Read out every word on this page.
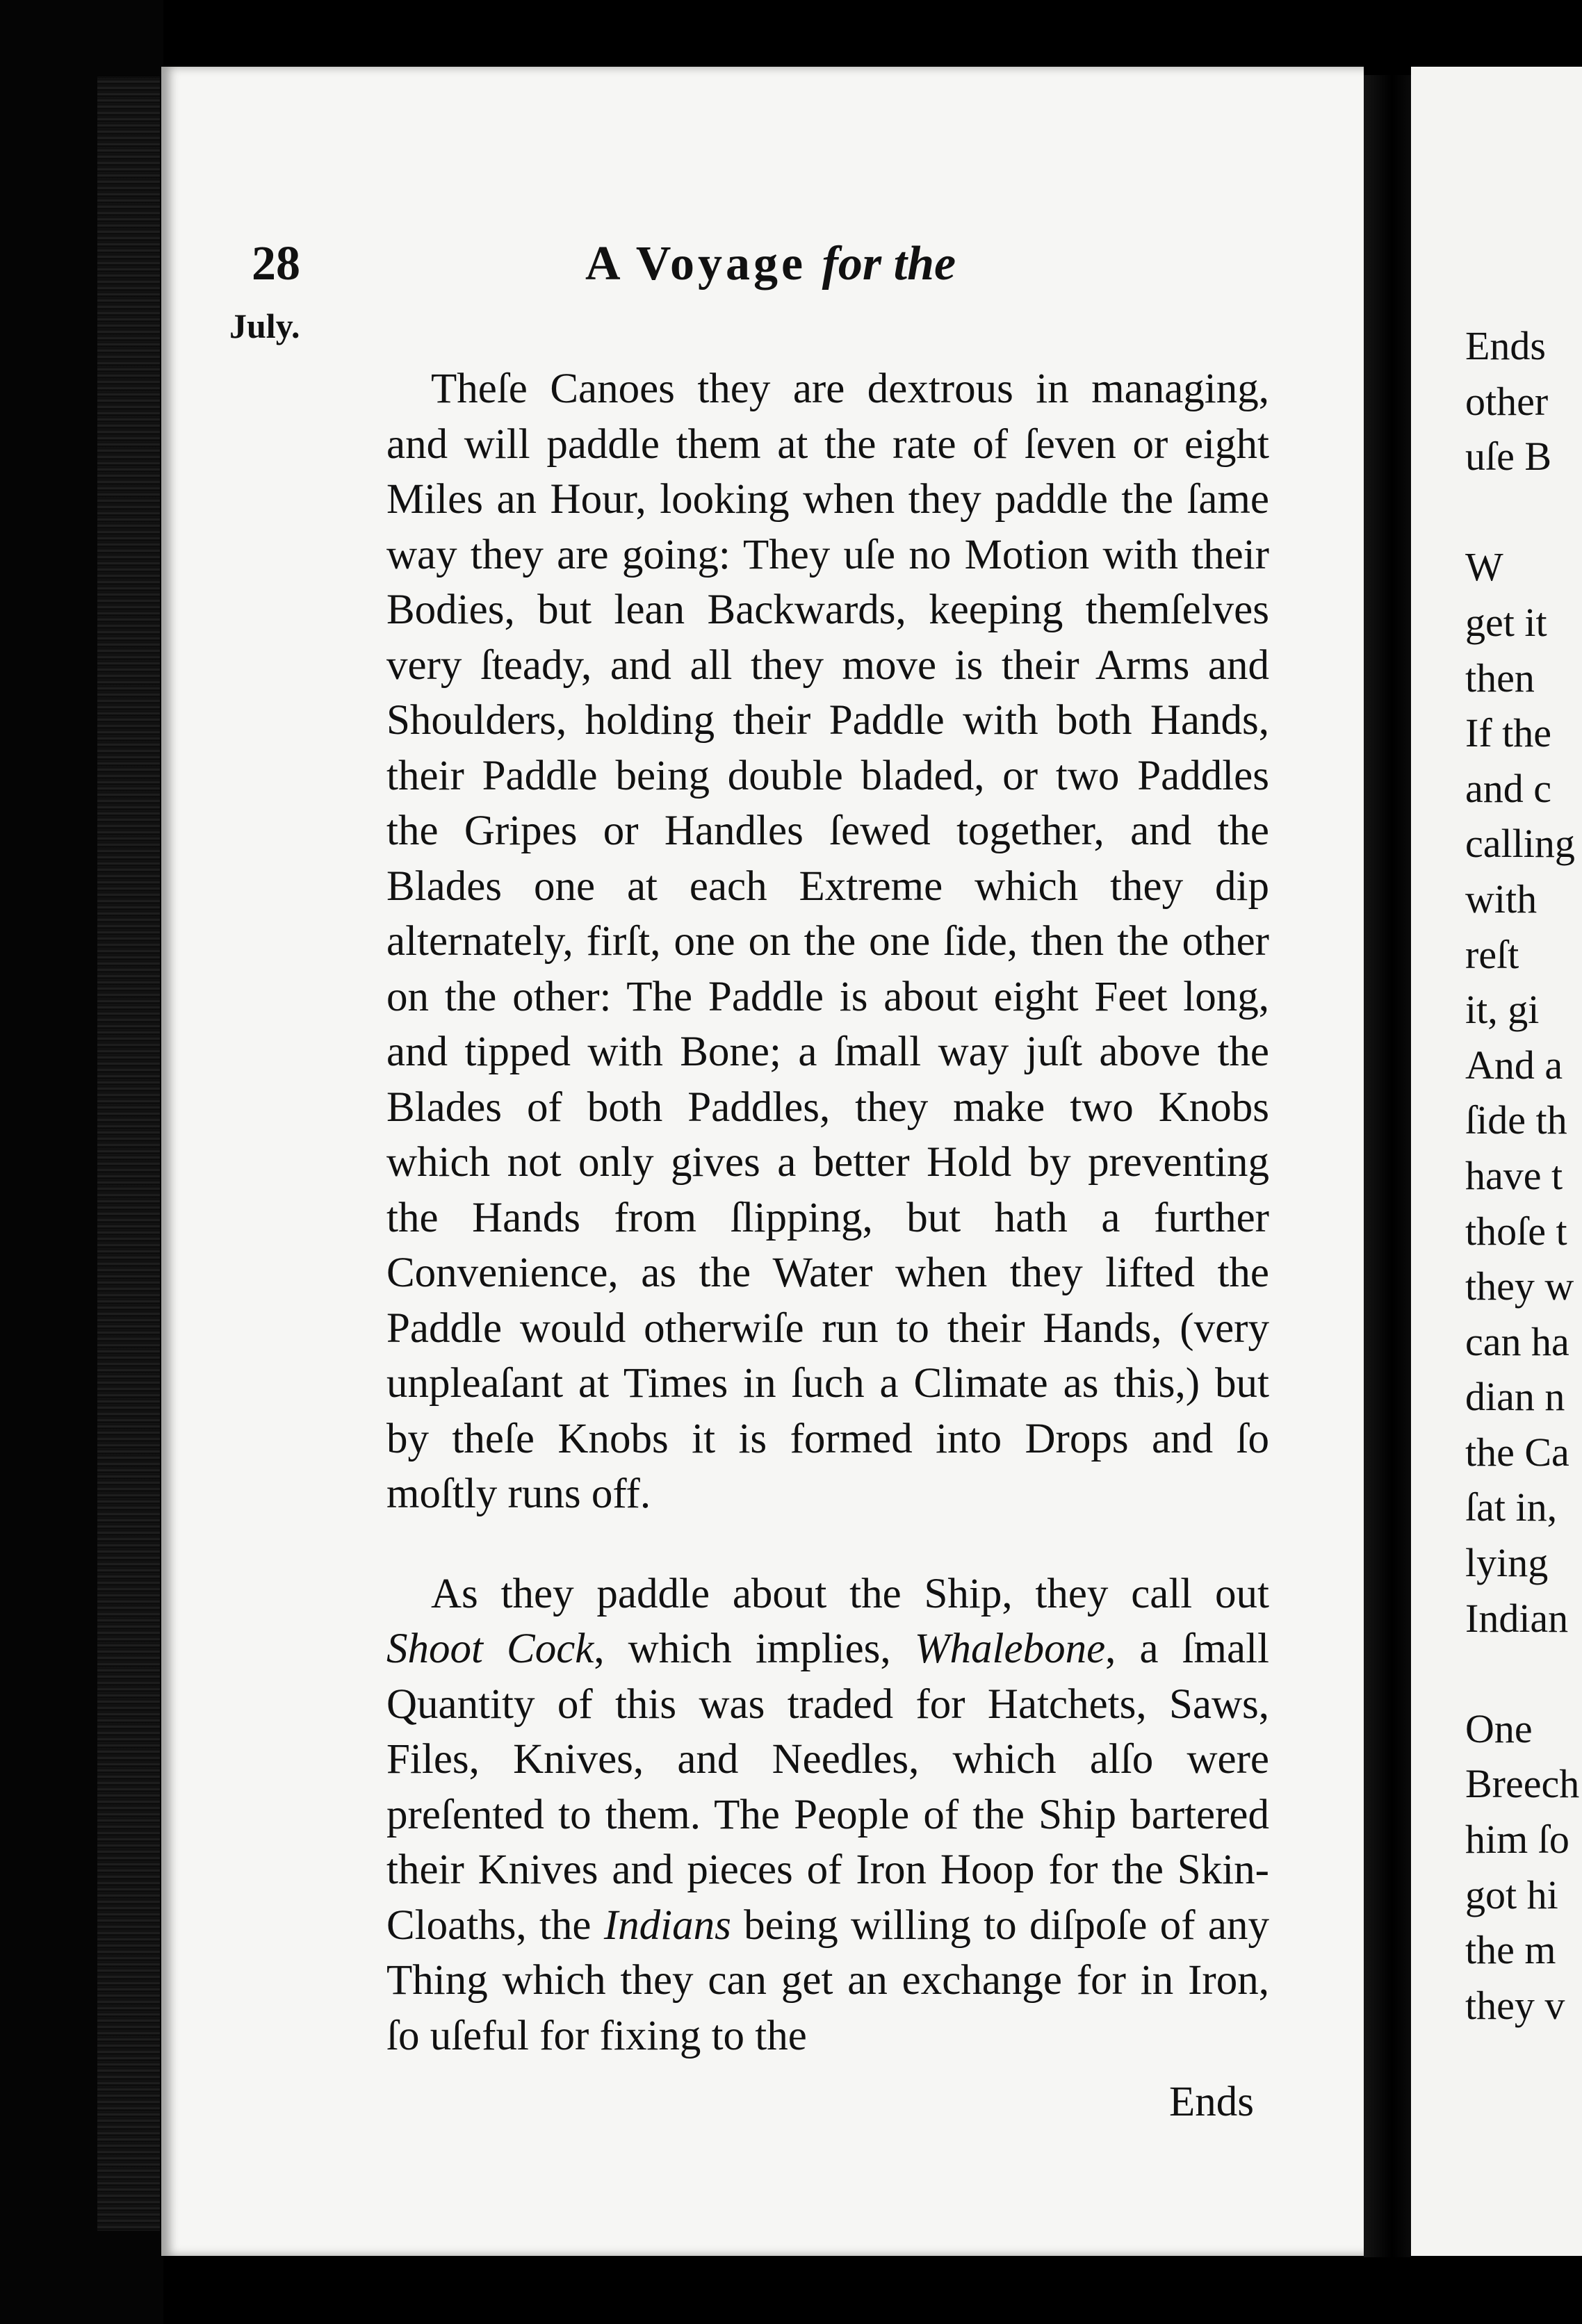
28	A Voyage for the
July.

Theſe Canoes they are dextrous in managing, and will paddle them at the rate of ſeven or eight Miles an Hour, looking when they paddle the ſame way they are going: They uſe no Motion with their Bodies, but lean Backwards, keeping themſelves very ſteady, and all they move is their Arms and Shoulders, holding their Paddle with both Hands, their Paddle being double bladed, or two Paddles the Gripes or Handles ſewed together, and the Blades one at each Extreme which they dip alternately, firſt, one on the one ſide, then the other on the other: The Paddle is about eight Feet long, and tipped with Bone; a ſmall way juſt above the Blades of both Paddles, they make two Knobs which not only gives a better Hold by preventing the Hands from ſlipping, but hath a further Convenience, as the Water when they lifted the Paddle would otherwiſe run to their Hands, (very unpleaſant at Times in ſuch a Climate as this,) but by theſe Knobs it is formed into Drops and ſo moſtly runs off.

As they paddle about the Ship, they call out Shoot Cock, which implies, Whalebone, a ſmall Quantity of this was traded for Hatchets, Saws, Files, Knives, and Needles, which alſo were preſented to them. The People of the Ship bartered their Knives and pieces of Iron Hoop for the Skin-Cloaths, the Indians being willing to diſpoſe of any Thing which they can get an exchange for in Iron, ſo uſeful for fixing to the

Ends
Ends
other
uſe B
W
get it
then
If the
and c
calling
with
reſt
it, gi
And a
ſide th
have t
thoſe t
they w
can ha
dian n
the Ca
ſat in,
lying
Indian
One
Breech
him ſo
got hi
the m
they v
